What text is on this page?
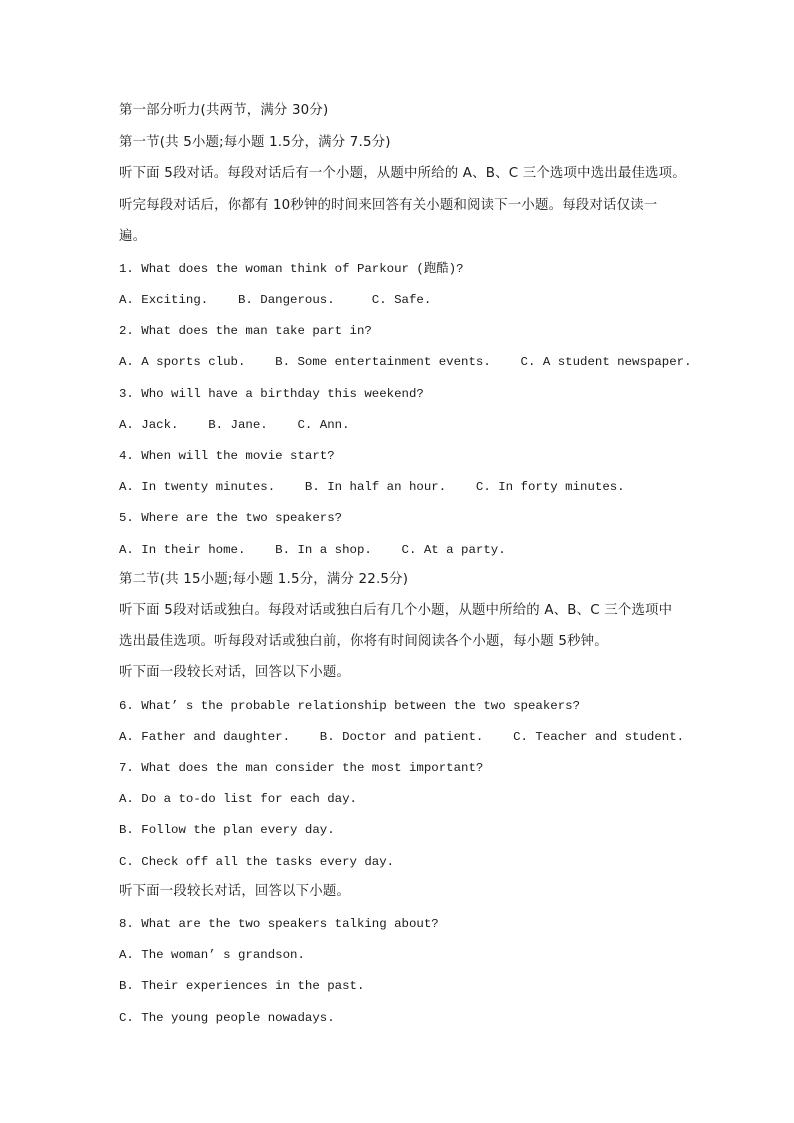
第一部分听力(共两节，满分 30分)
第一节(共 5小题;每小题 1.5分，满分 7.5分)
听下面 5段对话。每段对话后有一个小题，从题中所给的 A、B、C 三个选项中选出最佳选项。
听完每段对话后，你都有 10秒钟的时间来回答有关小题和阅读下一小题。每段对话仅读一
遍。
1. What does the woman think of Parkour (跑酷)?
A. Exciting.    B. Dangerous.     C. Safe.
2. What does the man take part in?
A. A sports club.    B. Some entertainment events.    C. A student newspaper.
3. Who will have a birthday this weekend?
A. Jack.    B. Jane.    C. Ann.
4. When will the movie start?
A. In twenty minutes.    B. In half an hour.    C. In forty minutes.
5. Where are the two speakers?
A. In their home.    B. In a shop.    C. At a party.
第二节(共 15小题;每小题 1.5分，满分 22.5分)
听下面 5段对话或独白。每段对话或独白后有几个小题，从题中所给的 A、B、C 三个选项中
选出最佳选项。听每段对话或独白前，你将有时间阅读各个小题，每小题 5秒钟。
听下面一段较长对话，回答以下小题。
6. What’ s the probable relationship between the two speakers?
A. Father and daughter.    B. Doctor and patient.    C. Teacher and student.
7. What does the man consider the most important?
A. Do a to-do list for each day.
B. Follow the plan every day.
C. Check off all the tasks every day.
听下面一段较长对话，回答以下小题。
8. What are the two speakers talking about?
A. The woman’ s grandson.
B. Their experiences in the past.
C. The young people nowadays.
